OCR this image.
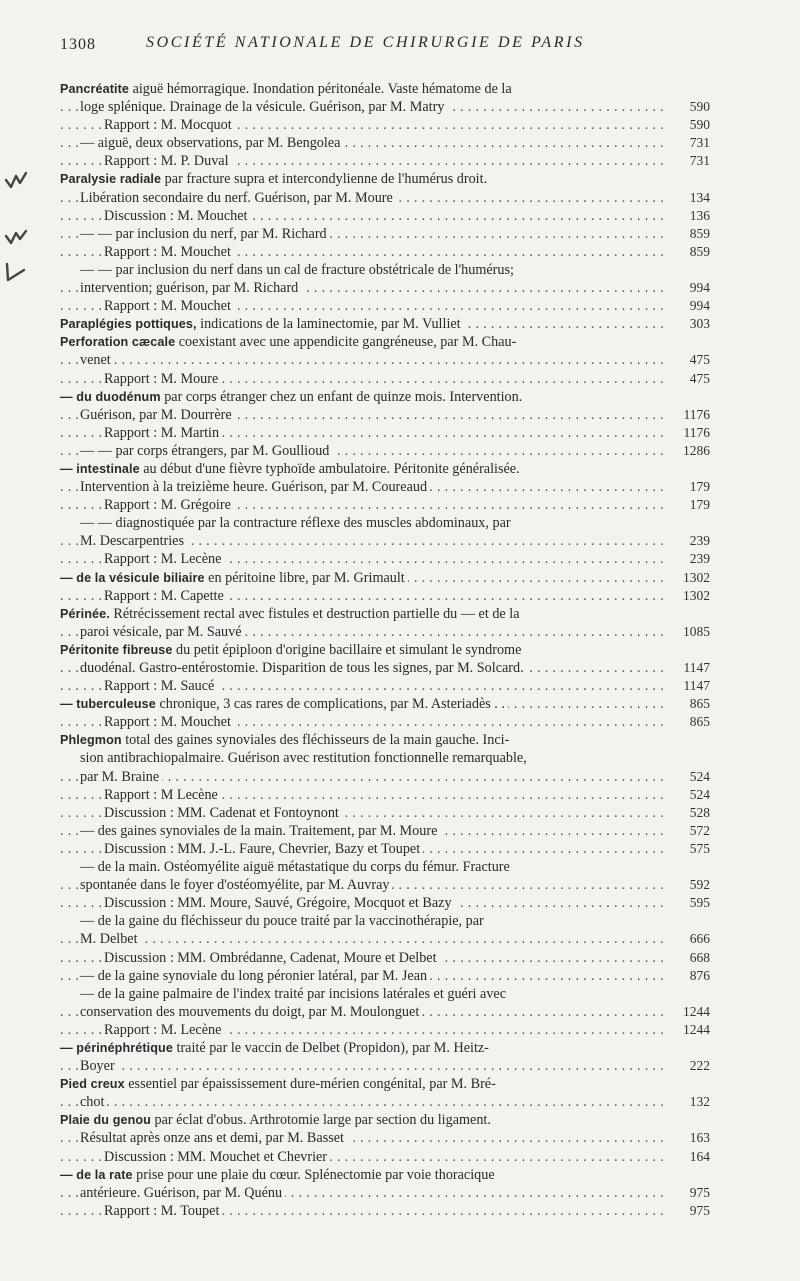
1308	SOCIÉTÉ NATIONALE DE CHIRURGIE DE PARIS
Pancréatite aiguë hémorragique. Inondation péritonéale. Vaste hématome de la
. . . loge splénique. Drainage de la vésicule. Guérison, par M. Matry	590
. . . Rapport : M. Mocquot	590
. . . — aiguë, deux observations, par M. Bengolea	731
. . . Rapport : M. P. Duval	731
Paralysie radiale par fracture supra et intercondylienne de l'humérus droit.
. . . Libération secondaire du nerf. Guérison, par M. Moure	134
. . . Discussion : M. Mouchet	136
. . . — — par inclusion du nerf, par M. Richard	859
. . . Rapport : M. Mouchet	859
— — par inclusion du nerf dans un cal de fracture obstétricale de l'humérus;
. . . intervention; guérison, par M. Richard	994
. . . Rapport : M. Mouchet	994
. . . Paraplégies pottiques, indications de la laminectomie, par M. Vulliet	303
Perforation cæcale coexistant avec une appendicite gangréneuse, par M. Chau-
. . . venet	475
. . . Rapport : M. Moure	475
— du duodénum par corps étranger chez un enfant de quinze mois. Intervention.
. . . Guérison, par M. Dourrère	1176
. . . Rapport : M. Martin	1176
. . . — — par corps étrangers, par M. Goullioud	1286
— intestinale au début d'une fièvre typhoïde ambulatoire. Péritonite généralisée.
. . . Intervention à la treizième heure. Guérison, par M. Coureaud	179
. . . Rapport : M. Grégoire	179
— — diagnostiquée par la contracture réflexe des muscles abdominaux, par
. . . M. Descarpentries	239
. . . Rapport : M. Lecène	239
. . . — de la vésicule biliaire en péritoine libre, par M. Grimault	1302
. . . Rapport : M. Capette	1302
Périnée. Rétrécissement rectal avec fistules et destruction partielle du — et de la
. . . paroi vésicale, par M. Sauvé	1085
Péritonite fibreuse du petit épiploon d'origine bacillaire et simulant le syndrome
. . . duodénal. Gastro-entérostomie. Disparition de tous les signes, par M. Solcard.	1147
. . . Rapport : M. Saucé	1147
. . . — tuberculeuse chronique, 3 cas rares de complications, par M. Asteriadès . .	865
. . . Rapport : M. Mouchet	865
Phlegmon total des gaines synoviales des fléchisseurs de la main gauche. Inci-
sion antibrachiopalmaire. Guérison avec restitution fonctionnelle remarquable,
. . . par M. Braine	524
. . . Rapport : M Lecène	524
. . . Discussion : MM. Cadenat et Fontoynont	528
. . . — des gaines synoviales de la main. Traitement, par M. Moure	572
. . . Discussion : MM. J.-L. Faure, Chevrier, Bazy et Toupet	575
— de la main. Ostéomyélite aiguë métastatique du corps du fémur. Fracture
. . . spontanée dans le foyer d'ostéomyélite, par M. Auvray	592
. . . Discussion : MM. Moure, Sauvé, Grégoire, Mocquot et Bazy	595
— de la gaine du fléchisseur du pouce traité par la vaccinothérapie, par
. . . M. Delbet	666
. . . Discussion : MM. Ombrédanne, Cadenat, Moure et Delbet	668
. . . — de la gaine synoviale du long péronier latéral, par M. Jean	876
— de la gaine palmaire de l'index traité par incisions latérales et guéri avec
. . . conservation des mouvements du doigt, par M. Moulonguet	1244
. . . Rapport : M. Lecène	1244
— périnéphrétique traité par le vaccin de Delbet (Propidon), par M. Heitz-
. . . Boyer	222
Pied creux essentiel par épaississement dure-mérien congénital, par M. Bré-
. . . chot	132
Plaie du genou par éclat d'obus. Arthrotomie large par section du ligament.
. . . Résultat après onze ans et demi, par M. Basset	163
. . . Discussion : MM. Mouchet et Chevrier	164
— de la rate prise pour une plaie du cœur. Splénectomie par voie thoracique
. . . antérieure. Guérison, par M. Quénu	975
. . . Rapport : M. Toupet	975
